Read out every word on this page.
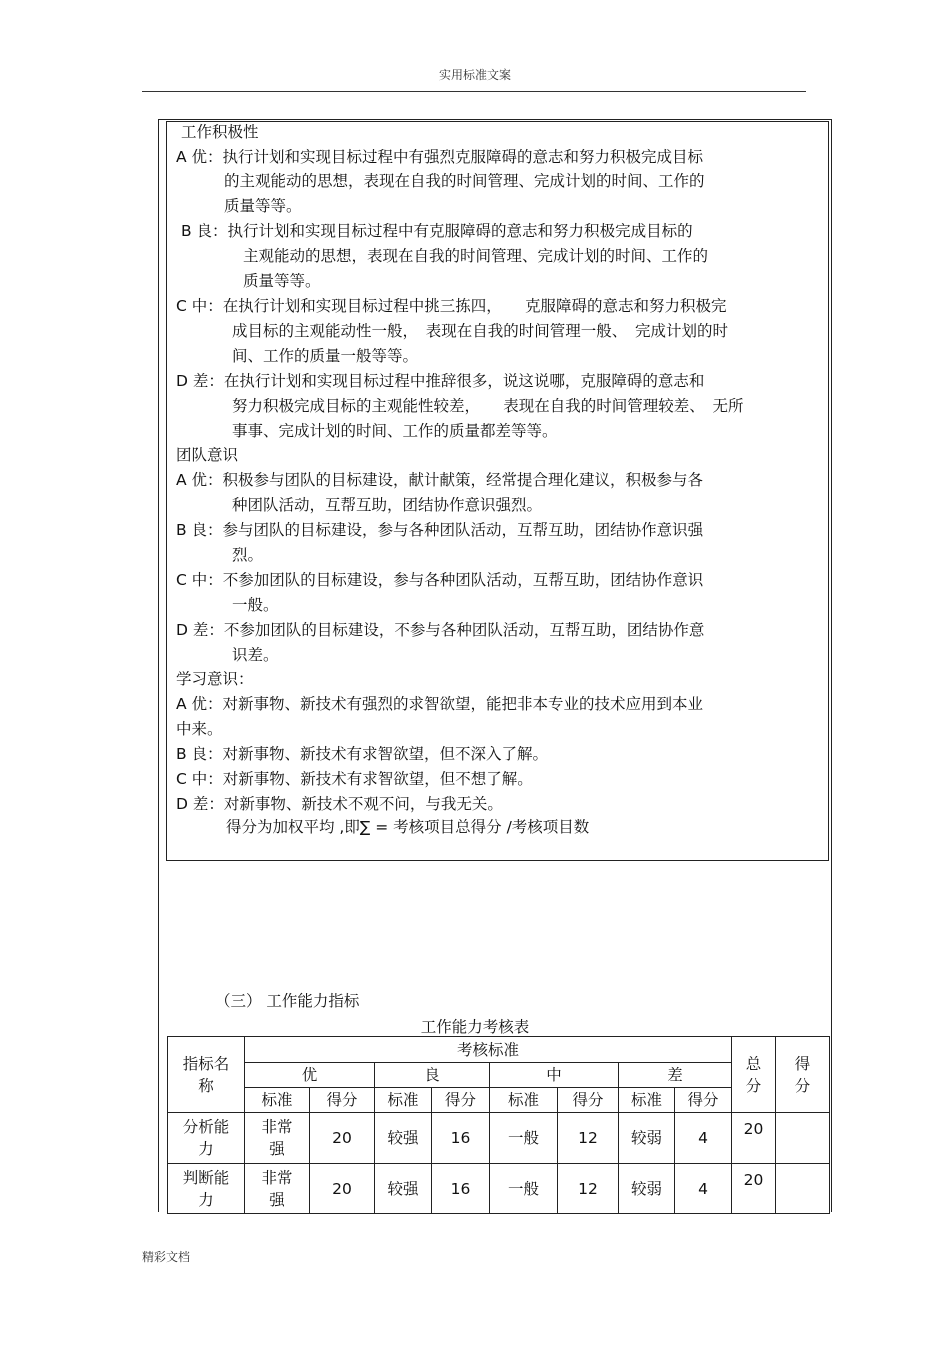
实用标准文案
工作积极性
A 优：执行计划和实现目标过程中有强烈克服障碍的意志和努力积极完成目标
的主观能动的思想，表现在自我的时间管理、完成计划的时间、工作的
质量等等。
B 良：执行计划和实现目标过程中有克服障碍的意志和努力积极完成目标的
主观能动的思想，表现在自我的时间管理、完成计划的时间、工作的
质量等等。
C 中：在执行计划和实现目标过程中挑三拣四，　　克服障碍的意志和努力积极完
成目标的主观能动性一般，　表现在自我的时间管理一般、　完成计划的时
间、工作的质量一般等等。
D 差：在执行计划和实现目标过程中推辞很多，说这说哪，克服障碍的意志和
努力积极完成目标的主观能性较差，　　表现在自我的时间管理较差、　无所
事事、完成计划的时间、工作的质量都差等等。
团队意识
A 优：积极参与团队的目标建设，献计献策，经常提合理化建议，积极参与各
种团队活动，互帮互助，团结协作意识强烈。
B 良：参与团队的目标建设，参与各种团队活动，互帮互助，团结协作意识强
烈。
C 中：不参加团队的目标建设，参与各种团队活动，互帮互助，团结协作意识
一般。
D 差：不参加团队的目标建设，不参与各种团队活动，互帮互助，团结协作意
识差。
学习意识：
A 优：对新事物、新技术有强烈的求智欲望，能把非本专业的技术应用到本业
中来。
B 良：对新事物、新技术有求智欲望，但不深入了解。
C 中：对新事物、新技术有求智欲望，但不想了解。
D 差：对新事物、新技术不观不问，与我无关。
得分为加权平均 ,即∑ = 考核项目总得分 /考核项目数
（三） 工作能力指标
工作能力考核表
指标名称	考核标准								总分	得分

	优		良		中		差			
	标准	得分	标准	得分	标准	得分	标准	得分		

分析能力	非常强	20	较强	16	一般	12	较弱	4	20	

判断能力	非常强	20	较强	16	一般	12	较弱	4	20	
精彩文档
